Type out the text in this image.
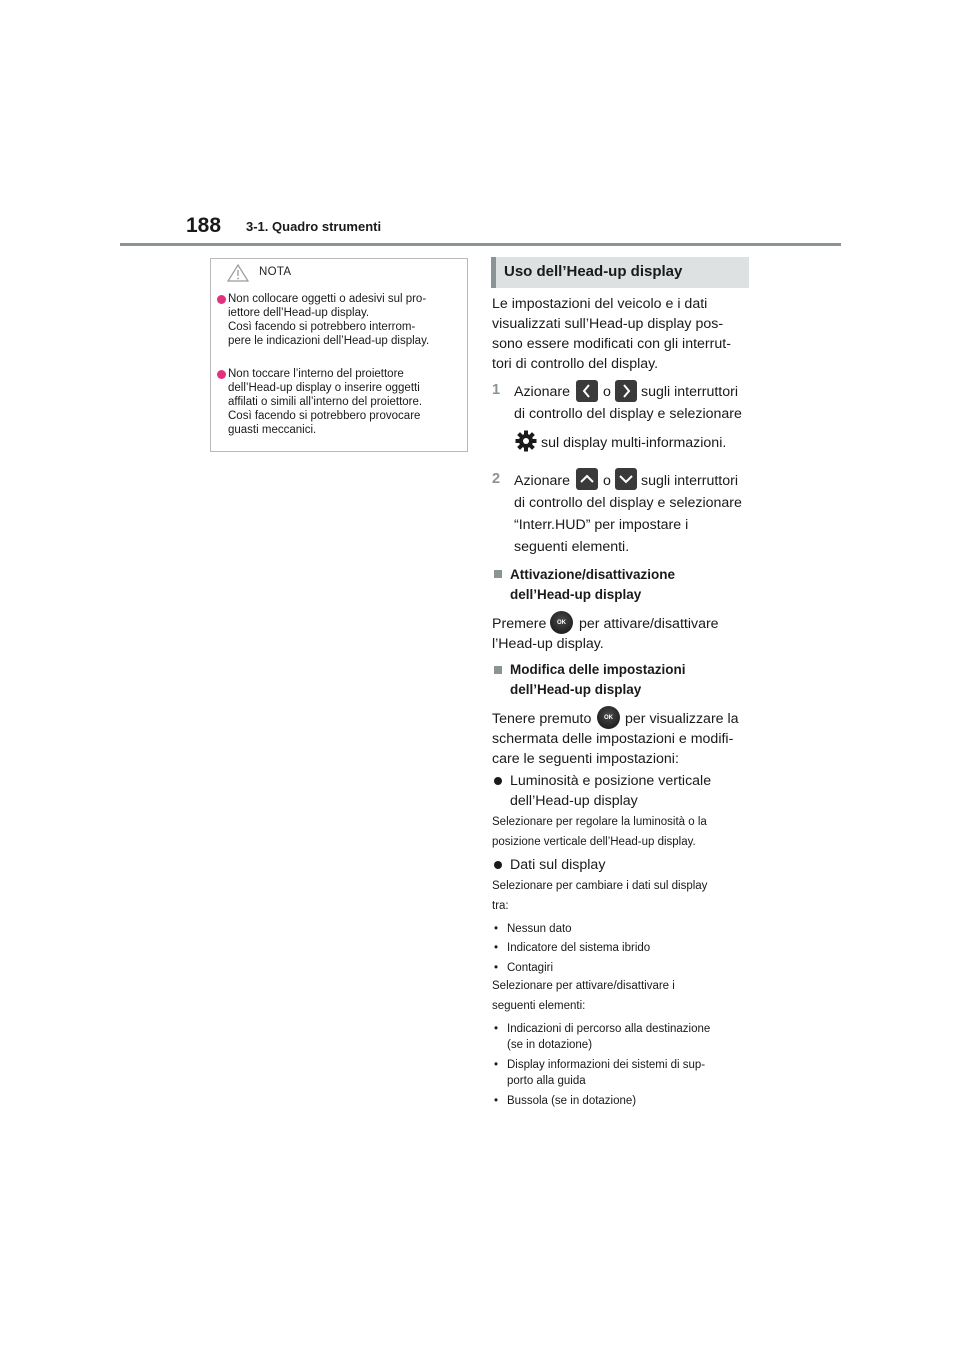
188 3-1. Quadro strumenti
NOTA
Non collocare oggetti o adesivi sul pro-
iettore dell’Head-up display.
Così facendo si potrebbero interrom-
pere le indicazioni dell’Head-up display.
Non toccare l’interno del proiettore
dell’Head-up display o inserire oggetti
affilati o simili all’interno del proiettore.
Così facendo si potrebbero provocare
guasti meccanici.
Uso dell’Head-up display
Le impostazioni del veicolo e i dati
visualizzati sull’Head-up display pos-
sono essere modificati con gli interrut-
tori di controllo del display.
1 Azionare o sugli interruttori
di controllo del display e selezionare
sul display multi-informazioni.
2 Azionare o sugli interruttori
di controllo del display e selezionare
“Interr.HUD” per impostare i
seguenti elementi.
Attivazione/disattivazione
dell’Head-up display
Premere OK per attivare/disattivare
l’Head-up display.
Modifica delle impostazioni
dell’Head-up display
Tenere premuto OK per visualizzare la
schermata delle impostazioni e modifi-
care le seguenti impostazioni:
Luminosità e posizione verticale
dell’Head-up display
Selezionare per regolare la luminosità o la
posizione verticale dell’Head-up display.
Dati sul display
Selezionare per cambiare i dati sul display
tra:

• Nessun dato

• Indicatore del sistema ibrido

• Contagiri

Selezionare per attivare/disattivare i
seguenti elementi:

• Indicazioni di percorso alla destinazione
(se in dotazione)

• Display informazioni dei sistemi di sup-
porto alla guida

• Bussola (se in dotazione)
